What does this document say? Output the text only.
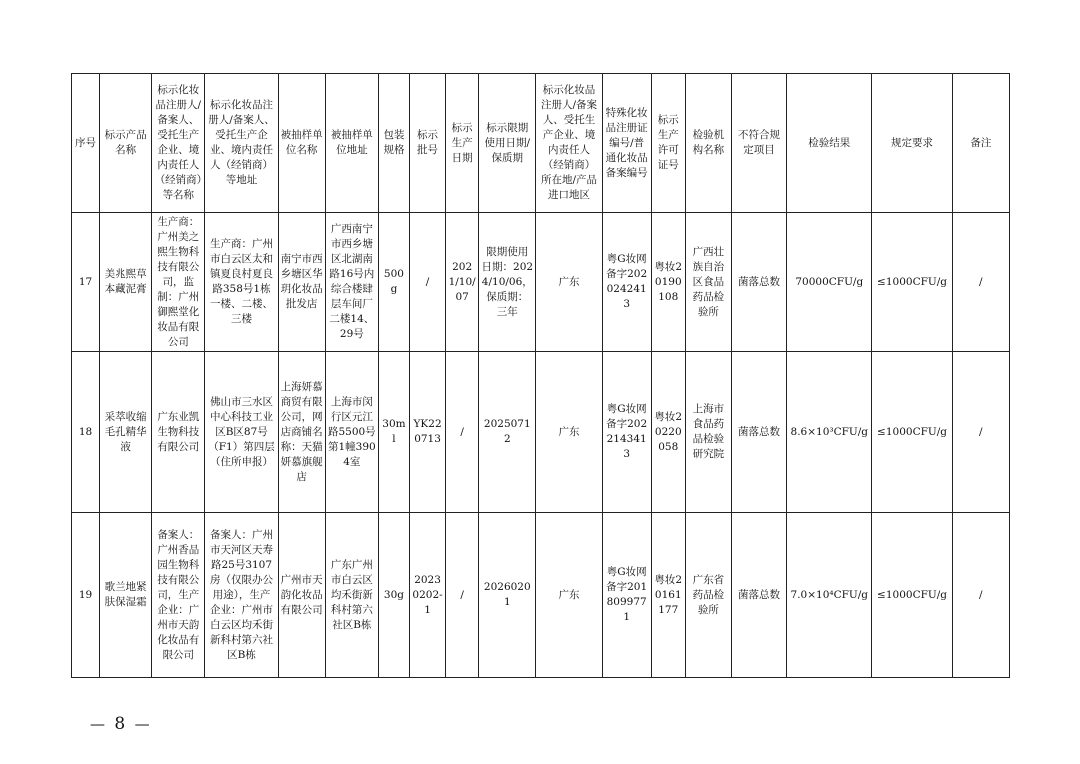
序号	标示产品名称	标示化妆品注册人/备案人、受托生产企业、境内责任人（经销商）等名称	标示化妆品注册人/备案人、受托生产企业、境内责任人（经销商）等地址	被抽样单位名称	被抽样单位地址	包装规格	标示批号	标示生产日期	标示限期使用日期/保质期	标示化妆品注册人/备案人、受托生产企业、境内责任人（经销商）所在地/产品进口地区	特殊化妆品注册证编号/普通化妆品备案编号	标示生产许可证号	检验机构名称	不符合规定项目	检验结果	规定要求	备注
17	美兆熙草本藏泥膏	生产商：广州美之熙生物科技有限公司，监制：广州御熙堂化妆品有限公司	生产商：广州市白云区太和镇夏良村夏良路358号1栋一楼、二楼、三楼	南宁市西乡塘区华玥化妆品批发店	广西南宁市西乡塘区北湖南路16号内综合楼肆层车间厂二楼14、29号	500g	/	2021/10/07	限期使用日期：2024/10/06，保质期：三年	广东	粤G妆网备字2020242413	粤妆20190108	广西壮族自治区食品药品检验所	菌落总数	70000CFU/g	≤1000CFU/g	/
18	采萃收缩毛孔精华液	广东业凯生物科技有限公司	佛山市三水区中心科技工业区B区87号（F1）第四层（住所申报）	上海妍慕商贸有限公司，网店商铺名称：天猫妍慕旗舰店	上海市闵行区元江路5500号第1幢3904室	30ml	YK220713	/	20250712	广东	粤G妆网备字2022143413	粤妆20220058	上海市食品药品检验研究院	菌落总数	8.6×10³CFU/g	≤1000CFU/g	/
19	歌兰地紧肤保湿霜	备案人：广州香品园生物科技有限公司，生产企业：广州市天韵化妆品有限公司	备案人：广州市天河区天寿路25号3107房（仅限办公用途），生产企业：广州市白云区均禾街新科村第六社区B栋	广州市天韵化妆品有限公司	广东广州市白云区均禾街新科村第六社区B栋	30g	20230202-1	/	20260201	广东	粤G妆网备字2018099771	粤妆20161177	广东省药品检验所	菌落总数	7.0×10⁴CFU/g	≤1000CFU/g	/
— 8 —
